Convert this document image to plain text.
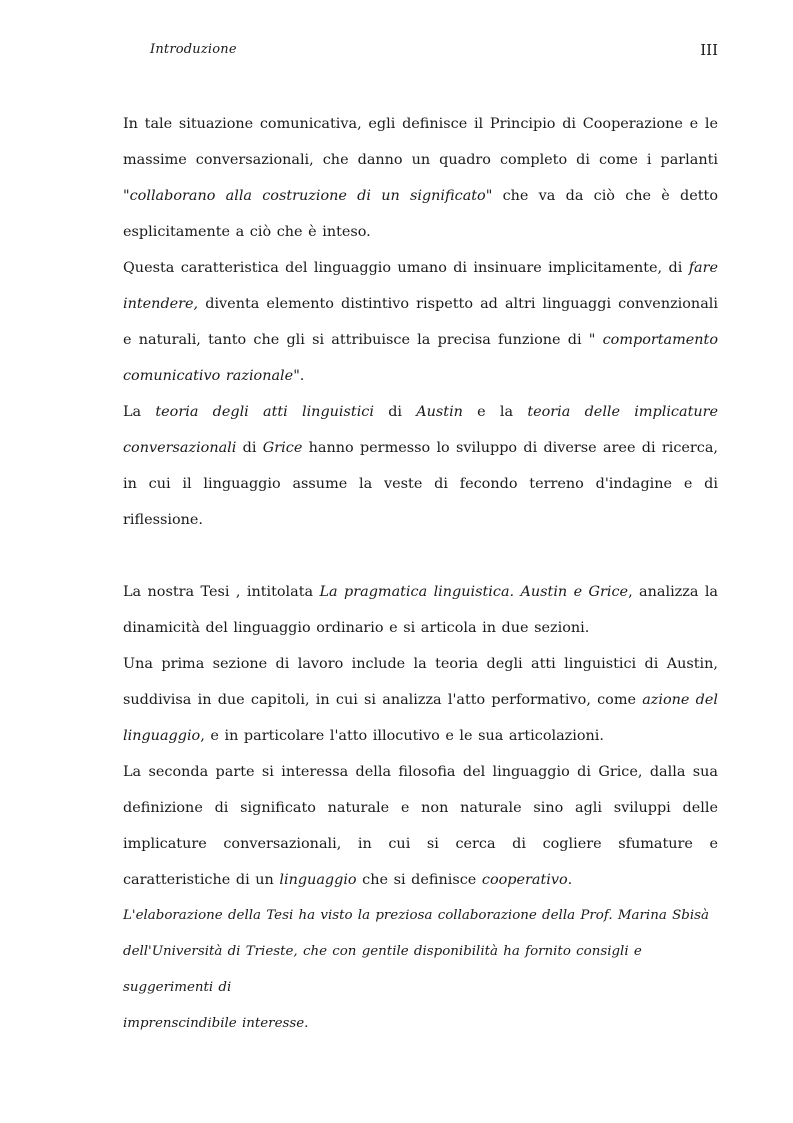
Introduzione	III

In tale situazione comunicativa, egli definisce il Principio di Cooperazione e le massime conversazionali, che danno un quadro completo di come i parlanti "collaborano alla costruzione di un significato" che va da ciò che è detto esplicitamente a ciò che è inteso.

Questa caratteristica del linguaggio umano di insinuare implicitamente, di fare intendere, diventa elemento distintivo rispetto ad altri linguaggi convenzionali e naturali, tanto che gli si attribuisce la precisa funzione di " comportamento comunicativo razionale".

La teoria degli atti linguistici di Austin e la teoria delle implicature conversazionali di Grice hanno permesso lo sviluppo di diverse aree di ricerca, in cui il linguaggio assume la veste di fecondo terreno d'indagine e di riflessione.

La nostra Tesi , intitolata La pragmatica linguistica. Austin e Grice, analizza la dinamicità del linguaggio ordinario e si articola in due sezioni.

Una prima sezione di lavoro include la teoria degli atti linguistici di Austin, suddivisa in due capitoli, in cui si analizza l'atto performativo, come azione del linguaggio, e in particolare l'atto illocutivo e le sua articolazioni.

La seconda parte si interessa della filosofia del linguaggio di Grice, dalla sua definizione di significato naturale e non naturale sino agli sviluppi delle implicature conversazionali, in cui si cerca di cogliere sfumature e caratteristiche di un linguaggio che si definisce cooperativo.

L'elaborazione della Tesi ha visto la preziosa collaborazione della Prof. Marina Sbisà
dell'Università di Trieste, che con gentile disponibilità ha fornito consigli e suggerimenti di
imprenscindibile interesse.
